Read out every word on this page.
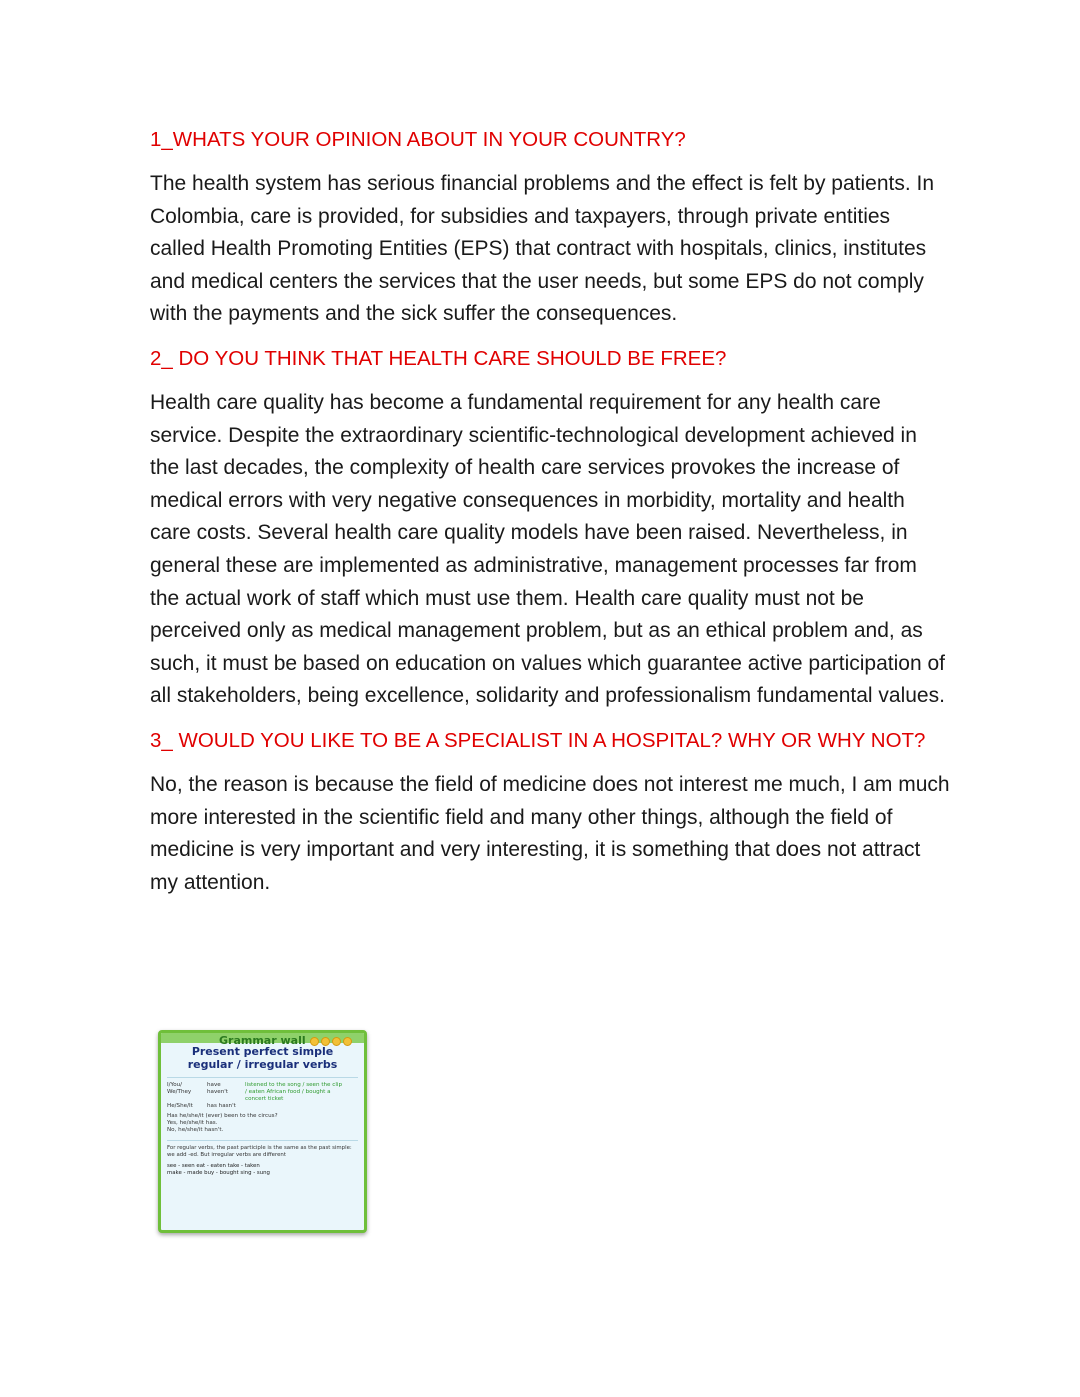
1_WHATS YOUR OPINION ABOUT IN YOUR COUNTRY?

The health system has serious financial problems and the effect is felt by patients. In Colombia, care is provided, for subsidies and taxpayers, through private entities called Health Promoting Entities (EPS) that contract with hospitals, clinics, institutes and medical centers the services that the user needs, but some EPS do not comply with the payments and the sick suffer the consequences.

2_ DO YOU THINK THAT HEALTH CARE SHOULD BE FREE?

Health care quality has become a fundamental requirement for any health care service. Despite the extraordinary scientific-technological development achieved in the last decades, the complexity of health care services provokes the increase of medical errors with very negative consequences in morbidity, mortality and health care costs. Several health care quality models have been raised. Nevertheless, in general these are implemented as administrative, management processes far from the actual work of staff which must use them. Health care quality must not be perceived only as medical management problem, but as an ethical problem and, as such, it must be based on education on values which guarantee active participation of all stakeholders, being excellence, solidarity and professionalism fundamental values.

3_ WOULD YOU LIKE TO BE A SPECIALIST IN A HOSPITAL? WHY OR WHY NOT?

No, the reason is because the field of medicine does not interest me much, I am much more interested in the scientific field and many other things, although the field of medicine is very important and very interesting, it is something that does not attract my attention.

Grammar wall
Present perfect simple
regular / irregular verbs
I/You/ We/They
have haven't
listened to the song / seen the clip / eaten African food / bought a concert ticket
He/She/It	has hasn't
Has he/she/it (ever) been to the circus?
Yes, he/she/it has.
No, he/she/it hasn't.
For regular verbs, the past participle is the same as the past simple: we add -ed. But irregular verbs are different
see - seen eat - eaten take - taken
make - made buy - bought sing - sung
